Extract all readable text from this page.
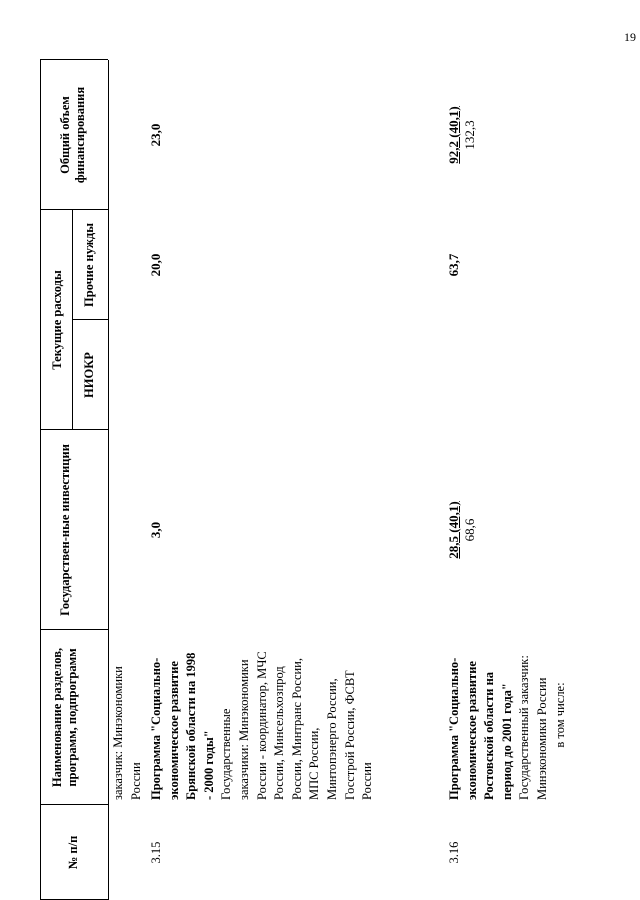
19
№ п/п
Наименование разделов, программ, подпрограмм
Государствен-ные инвестиции
Текущие расходы
НИОКР
Прочие нужды
Общий объем финансирования
заказчик: Минэкономики России
3.15
Программа "Социально-экономическое развитие Брянской области на 1998 - 2000 годы" Государственные заказчики: Минэкономики России - координатор, МЧС России, Минсельхозпрод России, Минтранс России, МПС России, Минтопэнерго России, Госстрой России, ФСВТ России
3,0
20,0
23,0
3.16
Программа "Социально-экономическое развитие Ростовской области на период до 2001 года" Государственный заказчик: Минэкономики России в том числе:
28,5 (40,1) 68,6
63,7
92,2 (40,1) 132,3
